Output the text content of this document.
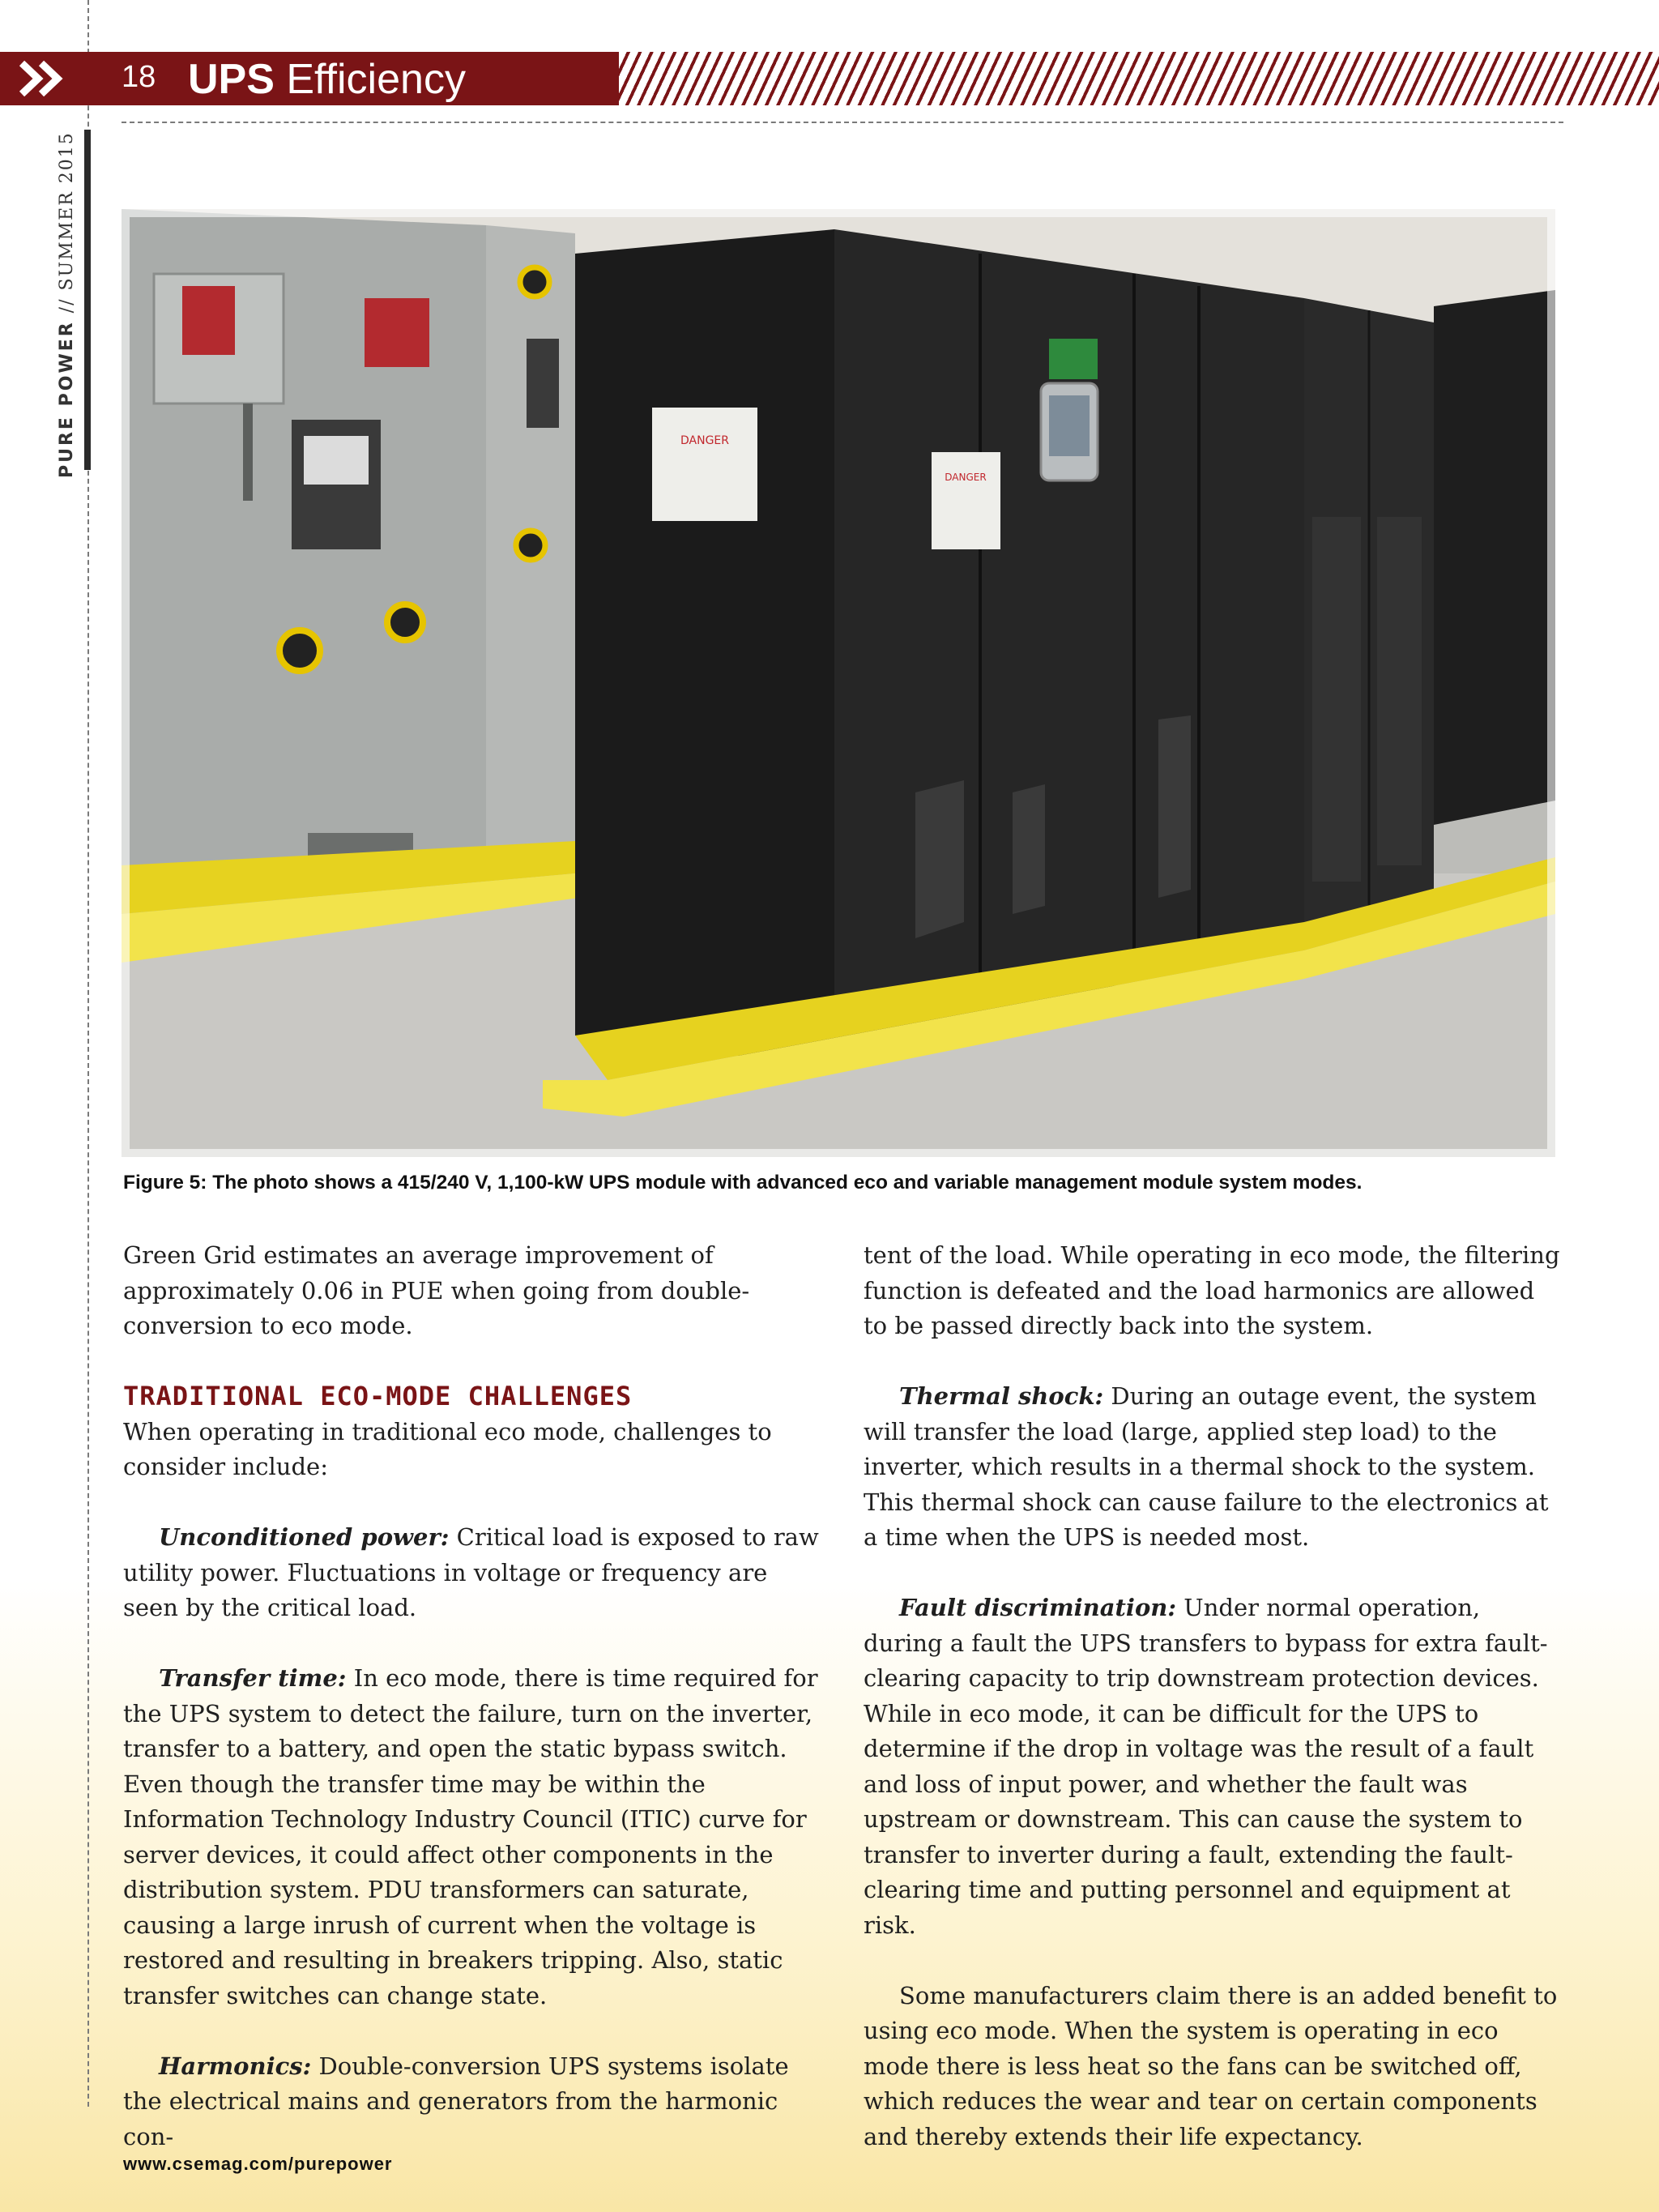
PURE POWER // SUMMER 2015
18 UPS Efficiency
DANGER
DANGER
Figure 5: The photo shows a 415/240 V, 1,100-kW UPS module with advanced eco and variable management module system modes.

Green Grid estimates an average improvement of approximately 0.06 in PUE when going from double-conversion to eco mode.

TRADITIONAL ECO-MODE CHALLENGES

When operating in traditional eco mode, challenges to consider include:

Unconditioned power: Critical load is exposed to raw utility power. Fluctuations in voltage or frequency are seen by the critical load.

Transfer time: In eco mode, there is time required for the UPS system to detect the failure, turn on the inverter, transfer to a battery, and open the static bypass switch. Even though the transfer time may be within the Information Technology Industry Council (ITIC) curve for server devices, it could affect other components in the distribution system. PDU transformers can saturate, causing a large inrush of current when the voltage is restored and resulting in breakers tripping. Also, static transfer switches can change state.

Harmonics: Double-conversion UPS systems isolate the electrical mains and generators from the harmonic con-

tent of the load. While operating in eco mode, the filtering function is defeated and the load harmonics are allowed to be passed directly back into the system.

Thermal shock: During an outage event, the system will transfer the load (large, applied step load) to the inverter, which results in a thermal shock to the system. This thermal shock can cause failure to the electronics at a time when the UPS is needed most.

Fault discrimination: Under normal operation, during a fault the UPS transfers to bypass for extra fault-clearing capacity to trip downstream protection devices. While in eco mode, it can be difficult for the UPS to determine if the drop in voltage was the result of a fault and loss of input power, and whether the fault was upstream or downstream. This can cause the system to transfer to inverter during a fault, extending the fault-clearing time and putting personnel and equipment at risk.

Some manufacturers claim there is an added benefit to using eco mode. When the system is operating in eco mode there is less heat so the fans can be switched off, which reduces the wear and tear on certain components and thereby extends their life expectancy.

www.csemag.com/purepower
